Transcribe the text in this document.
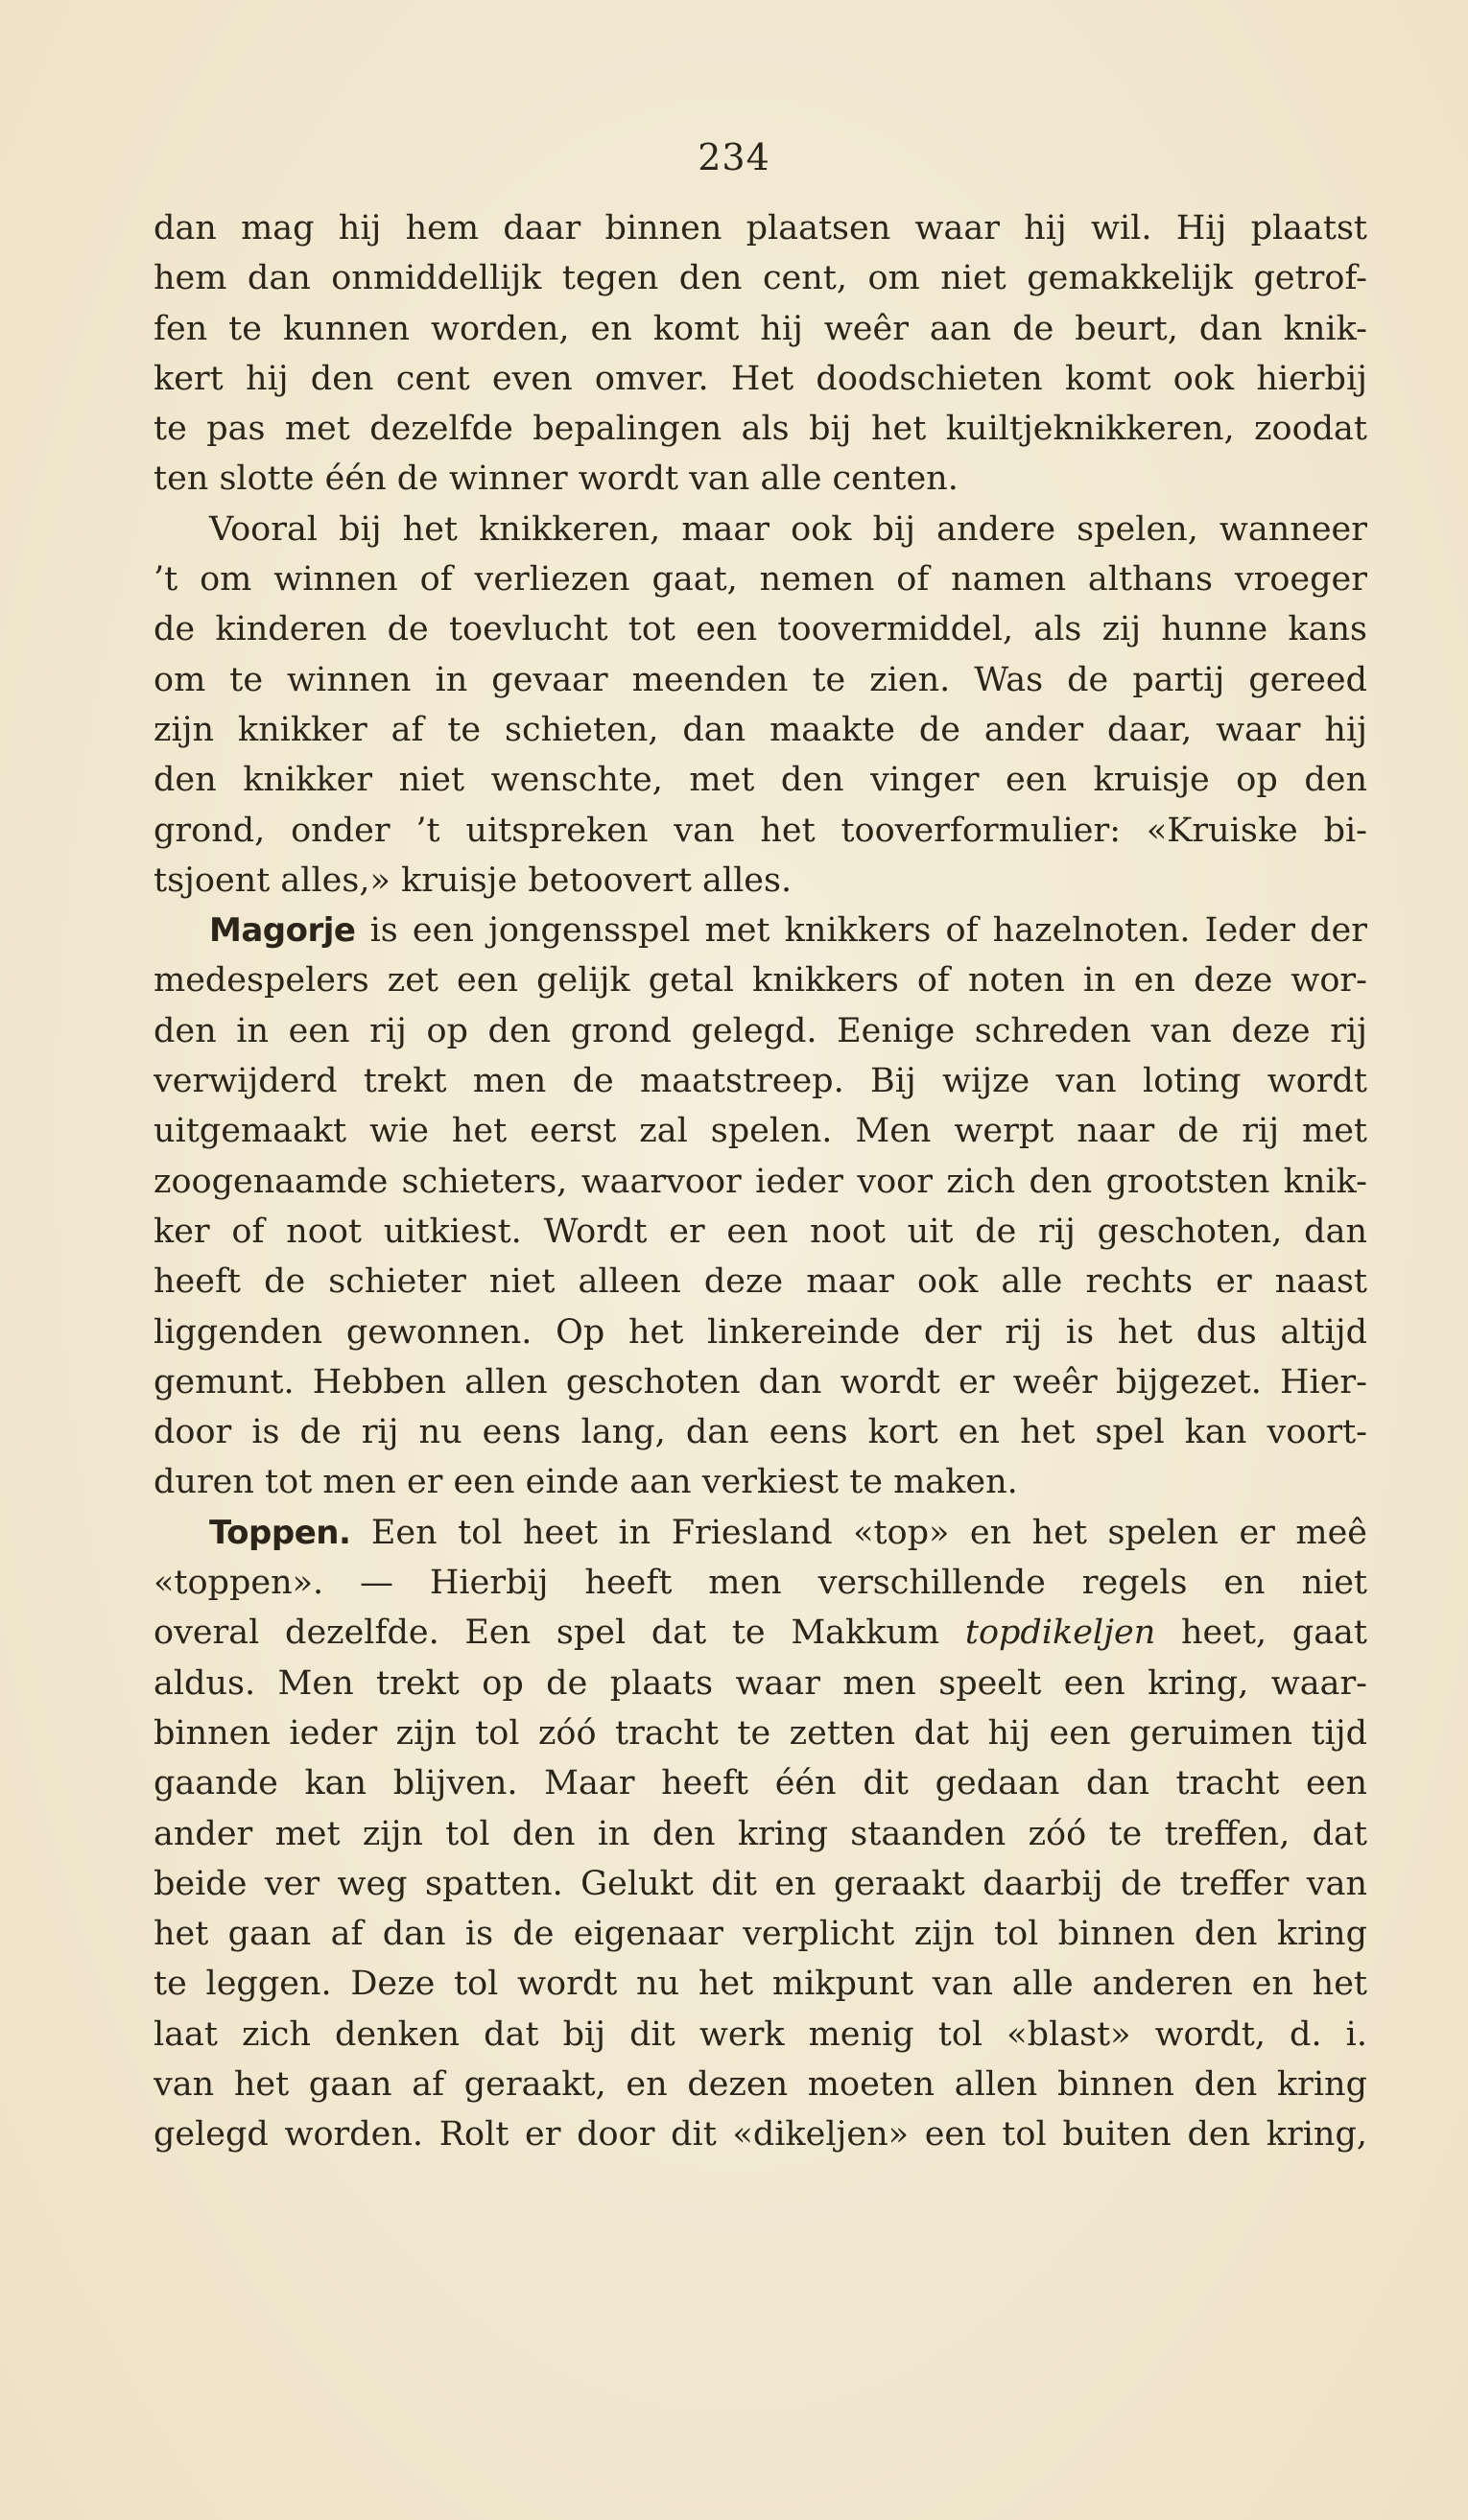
234
dan mag hij hem daar binnen plaatsen waar hij wil. Hij plaatst
hem dan onmiddellijk tegen den cent, om niet gemakkelijk getrof-
fen te kunnen worden, en komt hij weêr aan de beurt, dan knik-
kert hij den cent even omver. Het doodschieten komt ook hierbij
te pas met dezelfde bepalingen als bij het kuiltjeknikkeren, zoodat
ten slotte één de winner wordt van alle centen.
Vooral bij het knikkeren, maar ook bij andere spelen, wanneer
’t om winnen of verliezen gaat, nemen of namen althans vroeger
de kinderen de toevlucht tot een toovermiddel, als zij hunne kans
om te winnen in gevaar meenden te zien. Was de partij gereed
zijn knikker af te schieten, dan maakte de ander daar, waar hij
den knikker niet wenschte, met den vinger een kruisje op den
grond, onder ’t uitspreken van het tooverformulier: «Kruiske bi-
tsjoent alles,» kruisje betoovert alles.
Magorje is een jongensspel met knikkers of hazelnoten. Ieder der
medespelers zet een gelijk getal knikkers of noten in en deze wor-
den in een rij op den grond gelegd. Eenige schreden van deze rij
verwijderd trekt men de maatstreep. Bij wijze van loting wordt
uitgemaakt wie het eerst zal spelen. Men werpt naar de rij met
zoogenaamde schieters, waarvoor ieder voor zich den grootsten knik-
ker of noot uitkiest. Wordt er een noot uit de rij geschoten, dan
heeft de schieter niet alleen deze maar ook alle rechts er naast
liggenden gewonnen. Op het linkereinde der rij is het dus altijd
gemunt. Hebben allen geschoten dan wordt er weêr bijgezet. Hier-
door is de rij nu eens lang, dan eens kort en het spel kan voort-
duren tot men er een einde aan verkiest te maken.
Toppen. Een tol heet in Friesland «top» en het spelen er meê
«toppen». — Hierbij heeft men verschillende regels en niet
overal dezelfde. Een spel dat te Makkum topdikeljen heet, gaat
aldus. Men trekt op de plaats waar men speelt een kring, waar-
binnen ieder zijn tol zóó tracht te zetten dat hij een geruimen tijd
gaande kan blijven. Maar heeft één dit gedaan dan tracht een
ander met zijn tol den in den kring staanden zóó te treffen, dat
beide ver weg spatten. Gelukt dit en geraakt daarbij de treffer van
het gaan af dan is de eigenaar verplicht zijn tol binnen den kring
te leggen. Deze tol wordt nu het mikpunt van alle anderen en het
laat zich denken dat bij dit werk menig tol «blast» wordt, d. i.
van het gaan af geraakt, en dezen moeten allen binnen den kring
gelegd worden. Rolt er door dit «dikeljen» een tol buiten den kring,
